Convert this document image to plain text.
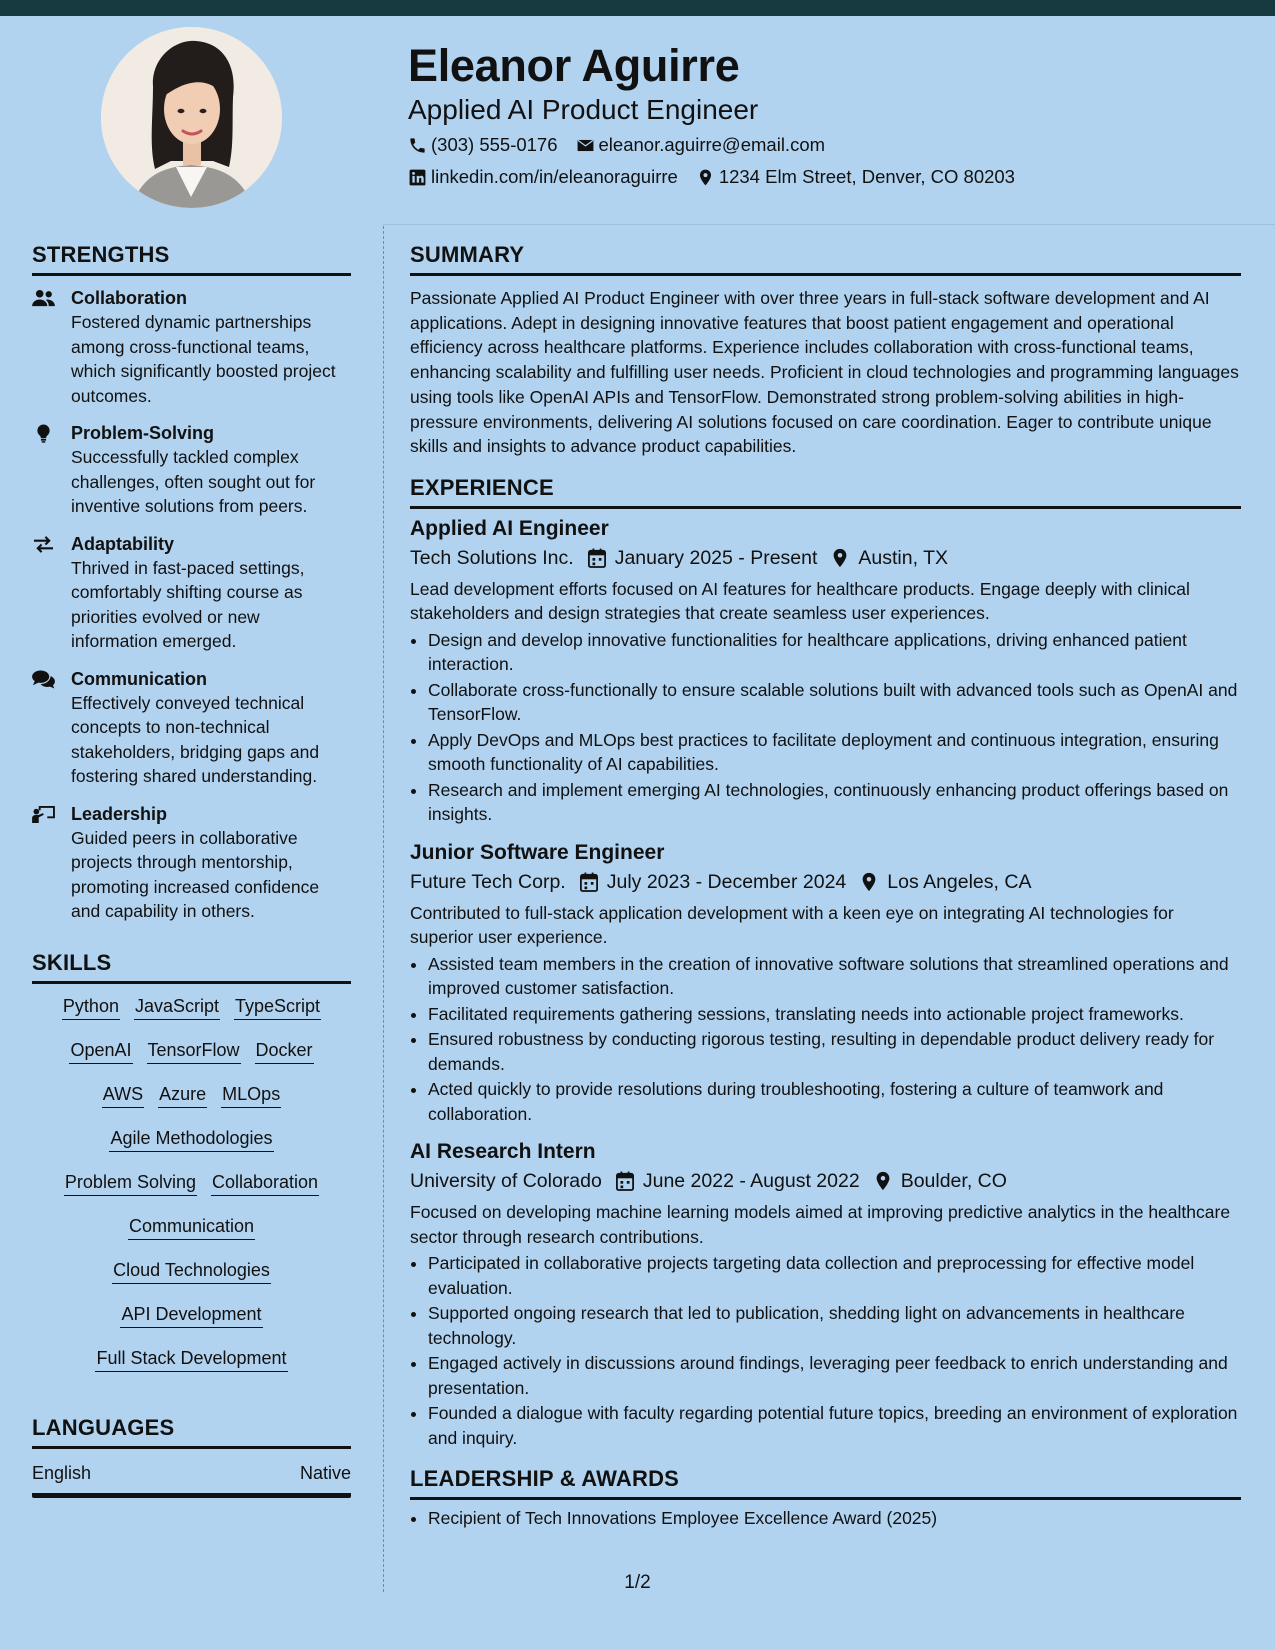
Eleanor Aguirre
Applied AI Product Engineer
(303) 555-0176 eleanor.aguirre@email.com
linkedin.com/in/eleanoraguirre 1234 Elm Street, Denver, CO 80203
STRENGTHS
Collaboration
Fostered dynamic partnerships among cross-functional teams, which significantly boosted project outcomes.
Problem-Solving
Successfully tackled complex challenges, often sought out for inventive solutions from peers.
Adaptability
Thrived in fast-paced settings, comfortably shifting course as priorities evolved or new information emerged.
Communication
Effectively conveyed technical concepts to non-technical stakeholders, bridging gaps and fostering shared understanding.
Leadership
Guided peers in collaborative projects through mentorship, promoting increased confidence and capability in others.
SKILLS
Python JavaScript TypeScript
OpenAI TensorFlow Docker
AWS Azure MLOps
Agile Methodologies
Problem Solving Collaboration
Communication
Cloud Technologies
API Development
Full Stack Development
LANGUAGES
English	Native
SUMMARY
Passionate Applied AI Product Engineer with over three years in full-stack software development and AI applications. Adept in designing innovative features that boost patient engagement and operational efficiency across healthcare platforms. Experience includes collaboration with cross-functional teams, enhancing scalability and fulfilling user needs. Proficient in cloud technologies and programming languages using tools like OpenAI APIs and TensorFlow. Demonstrated strong problem-solving abilities in high-pressure environments, delivering AI solutions focused on care coordination. Eager to contribute unique skills and insights to advance product capabilities.
EXPERIENCE
Applied AI Engineer
Tech Solutions Inc. January 2025 - Present Austin, TX
Lead development efforts focused on AI features for healthcare products. Engage deeply with clinical stakeholders and design strategies that create seamless user experiences.
• Design and develop innovative functionalities for healthcare applications, driving enhanced patient interaction.
• Collaborate cross-functionally to ensure scalable solutions built with advanced tools such as OpenAI and TensorFlow.
• Apply DevOps and MLOps best practices to facilitate deployment and continuous integration, ensuring smooth functionality of AI capabilities.
• Research and implement emerging AI technologies, continuously enhancing product offerings based on insights.
Junior Software Engineer
Future Tech Corp. July 2023 - December 2024 Los Angeles, CA
Contributed to full-stack application development with a keen eye on integrating AI technologies for superior user experience.
• Assisted team members in the creation of innovative software solutions that streamlined operations and improved customer satisfaction.
• Facilitated requirements gathering sessions, translating needs into actionable project frameworks.
• Ensured robustness by conducting rigorous testing, resulting in dependable product delivery ready for demands.
• Acted quickly to provide resolutions during troubleshooting, fostering a culture of teamwork and collaboration.
AI Research Intern
University of Colorado June 2022 - August 2022 Boulder, CO
Focused on developing machine learning models aimed at improving predictive analytics in the healthcare sector through research contributions.
• Participated in collaborative projects targeting data collection and preprocessing for effective model evaluation.
• Supported ongoing research that led to publication, shedding light on advancements in healthcare technology.
• Engaged actively in discussions around findings, leveraging peer feedback to enrich understanding and presentation.
• Founded a dialogue with faculty regarding potential future topics, breeding an environment of exploration and inquiry.
LEADERSHIP & AWARDS
• Recipient of Tech Innovations Employee Excellence Award (2025)
1/2
